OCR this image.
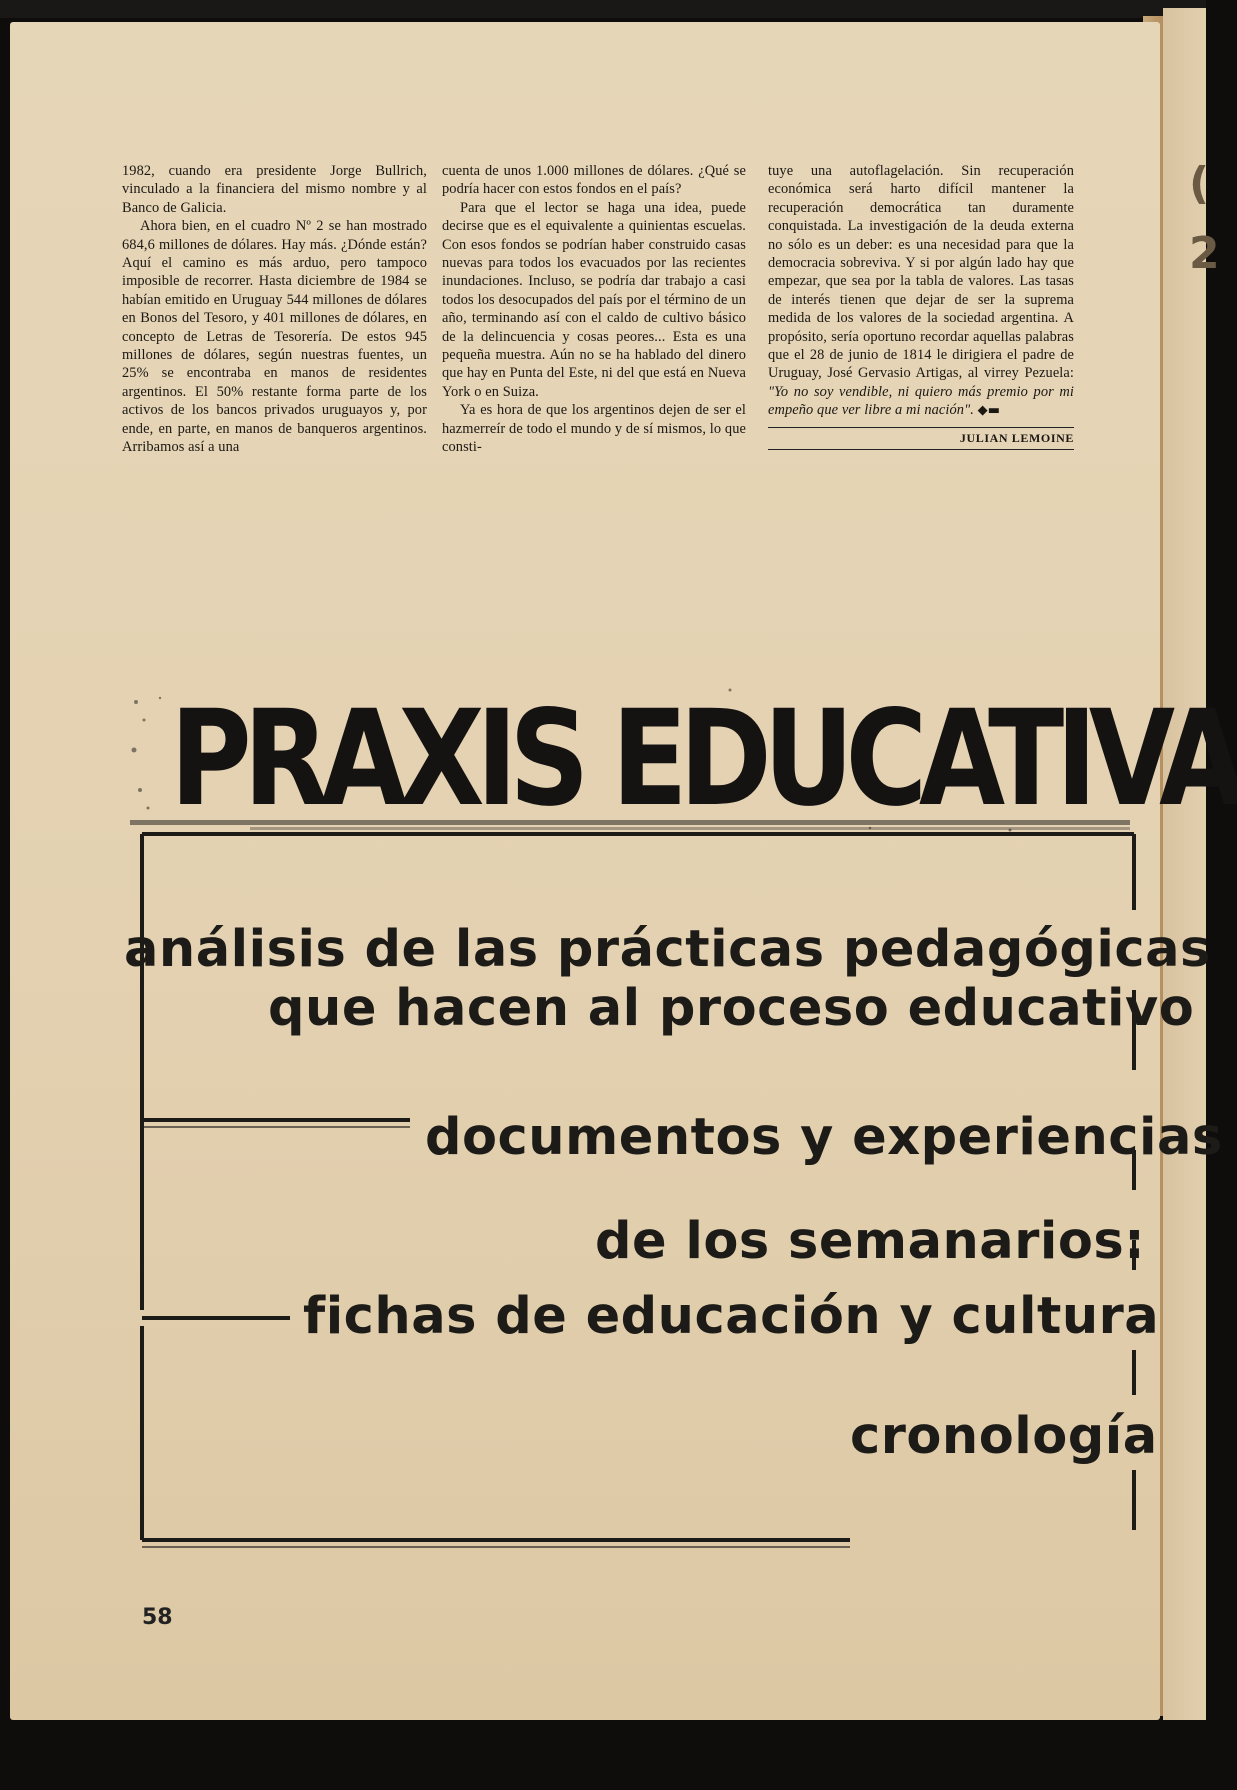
(
2

1982, cuando era presidente Jorge Bullrich, vinculado a la financiera del mismo nombre y al Banco de Galicia.

Ahora bien, en el cuadro Nº 2 se han mostrado 684,6 millones de dólares. Hay más. ¿Dónde están? Aquí el camino es más arduo, pero tampoco imposible de recorrer. Hasta diciembre de 1984 se habían emitido en Uruguay 544 millones de dólares en Bonos del Tesoro, y 401 millones de dólares, en concepto de Letras de Tesorería. De estos 945 millones de dólares, según nuestras fuentes, un 25% se encontraba en manos de residentes argentinos. El 50% restante forma parte de los activos de los bancos privados uruguayos y, por ende, en parte, en manos de banqueros argentinos. Arribamos así a una

cuenta de unos 1.000 millones de dólares. ¿Qué se podría hacer con estos fondos en el país?

Para que el lector se haga una idea, puede decirse que es el equivalente a quinientas escuelas. Con esos fondos se podrían haber construido casas nuevas para todos los evacuados por las recientes inundaciones. Incluso, se podría dar trabajo a casi todos los desocupados del país por el término de un año, terminando así con el caldo de cultivo básico de la delincuencia y cosas peores... Esta es una pequeña muestra. Aún no se ha hablado del dinero que hay en Punta del Este, ni del que está en Nueva York o en Suiza.

Ya es hora de que los argentinos dejen de ser el hazmerreír de todo el mundo y de sí mismos, lo que consti-

tuye una autoflagelación. Sin recuperación económica será harto difícil mantener la recuperación democrática tan duramente conquistada. La investigación de la deuda externa no sólo es un deber: es una necesidad para que la democracia sobreviva. Y si por algún lado hay que empezar, que sea por la tabla de valores. Las tasas de interés tienen que dejar de ser la suprema medida de los valores de la sociedad argentina. A propósito, sería oportuno recordar aquellas palabras que el 28 de junio de 1814 le dirigiera el padre de Uruguay, José Gervasio Artigas, al virrey Pezuela: "Yo no soy vendible, ni quiero más premio por mi empeño que ver libre a mi nación". ◆▬

JULIAN LEMOINE
PRAXIS EDUCATIVA
análisis de las prácticas pedagógicas
que hacen al proceso educativo
documentos y experiencias
de los semanarios:
fichas de educación y cultura
cronología
58
